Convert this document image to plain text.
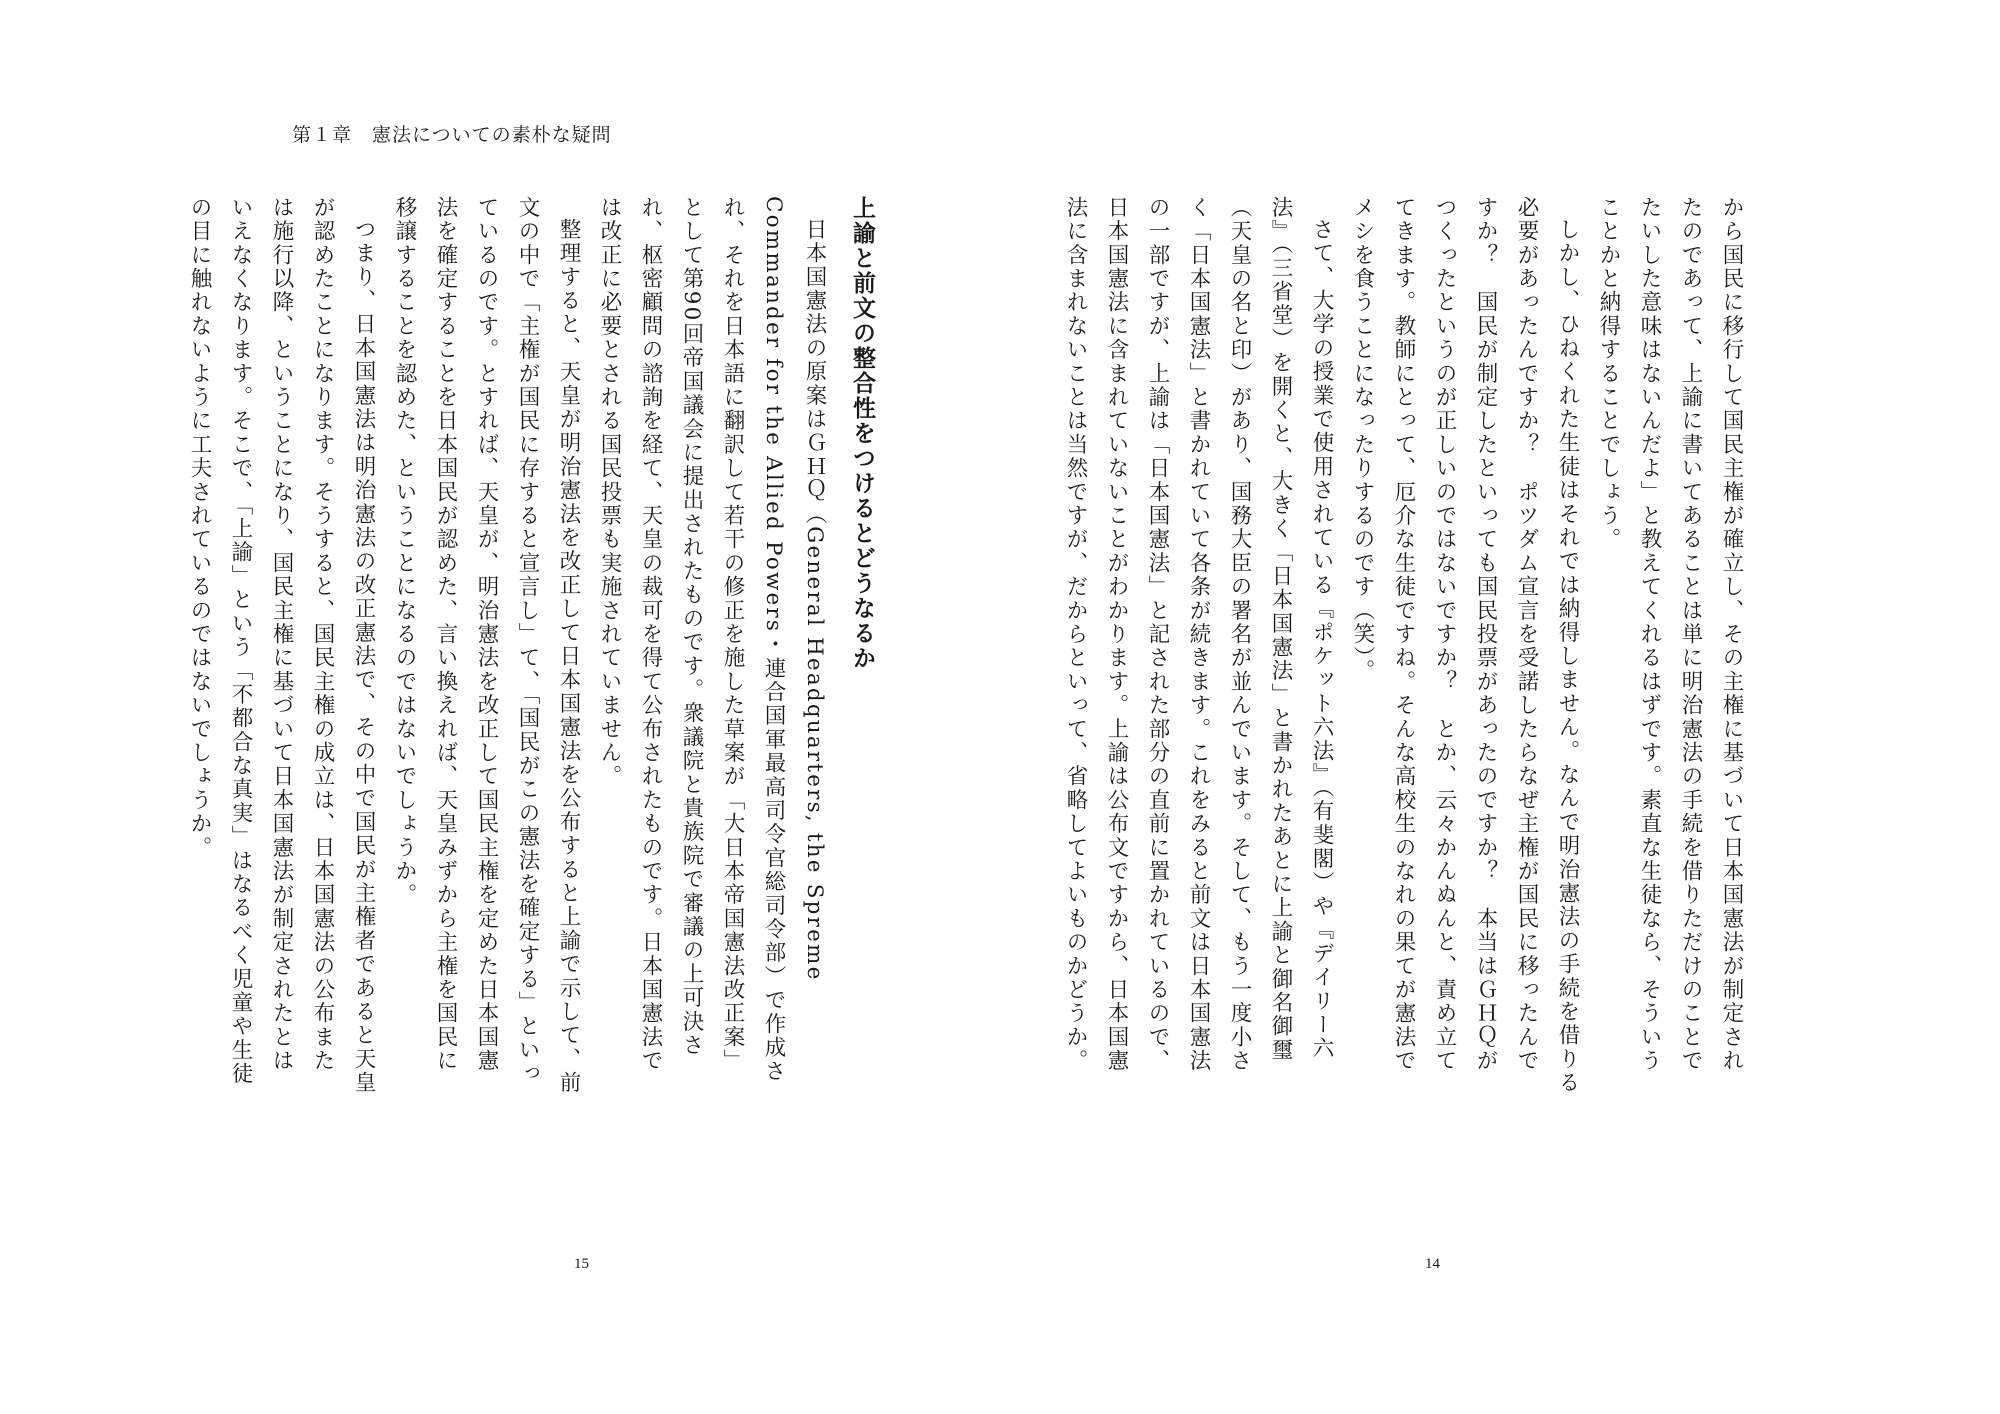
第１章　憲法についての素朴な疑問

から国民に移行して国民主権が確立し、その主権に基づいて日本国憲法が制定されたのであって、上諭に書いてあることは単に明治憲法の手続を借りただけのことでたいした意味はないんだよ」と教えてくれるはずです。素直な生徒なら、そういうことかと納得することでしょう。

しかし、ひねくれた生徒はそれでは納得しません。なんで明治憲法の手続を借りる必要があったんですか？　ポツダム宣言を受諾したらなぜ主権が国民に移ったんですか？　国民が制定したといっても国民投票があったのですか？　本当はＧＨＱがつくったというのが正しいのではないですか？　とか、云々かんぬんと、責め立ててきます。教師にとって、厄介な生徒ですね。そんな高校生のなれの果てが憲法でメシを食うことになったりするのです（笑）。

さて、大学の授業で使用されている『ポケット六法』（有斐閣）や『デイリー六法』（三省堂）を開くと、大きく「日本国憲法」と書かれたあとに上諭と御名御璽（天皇の名と印）があり、国務大臣の署名が並んでいます。そして、もう一度小さく「日本国憲法」と書かれていて各条が続きます。これをみると前文は日本国憲法の一部ですが、上諭は「日本国憲法」と記された部分の直前に置かれているので、日本国憲法に含まれていないことがわかります。上諭は公布文ですから、日本国憲法に含まれないことは当然ですが、だからといって、省略してよいものかどうか。

上諭と前文の整合性をつけるとどうなるか

日本国憲法の原案はＧＨＱ（General Headquarters, the Spreme Commander for the Allied Powers・連合国軍最高司令官総司令部）で作成され、それを日本語に翻訳して若干の修正を施した草案が「大日本帝国憲法改正案」として第90回帝国議会に提出されたものです。衆議院と貴族院で審議の上可決され、枢密顧問の諮詢を経て、天皇の裁可を得て公布されたものです。日本国憲法では改正に必要とされる国民投票も実施されていません。

整理すると、天皇が明治憲法を改正して日本国憲法を公布すると上諭で示して、前文の中で「主権が国民に存すると宣言し」て、「国民がこの憲法を確定する」といっているのです。とすれば、天皇が、明治憲法を改正して国民主権を定めた日本国憲法を確定することを日本国民が認めた、言い換えれば、天皇みずから主権を国民に移譲することを認めた、ということになるのではないでしょうか。

つまり、日本国憲法は明治憲法の改正憲法で、その中で国民が主権者であると天皇が認めたことになります。そうすると、国民主権の成立は、日本国憲法の公布または施行以降、ということになり、国民主権に基づいて日本国憲法が制定されたとはいえなくなります。そこで、「上諭」という「不都合な真実」はなるべく児童や生徒の目に触れないように工夫されているのではないでしょうか。

15	14
